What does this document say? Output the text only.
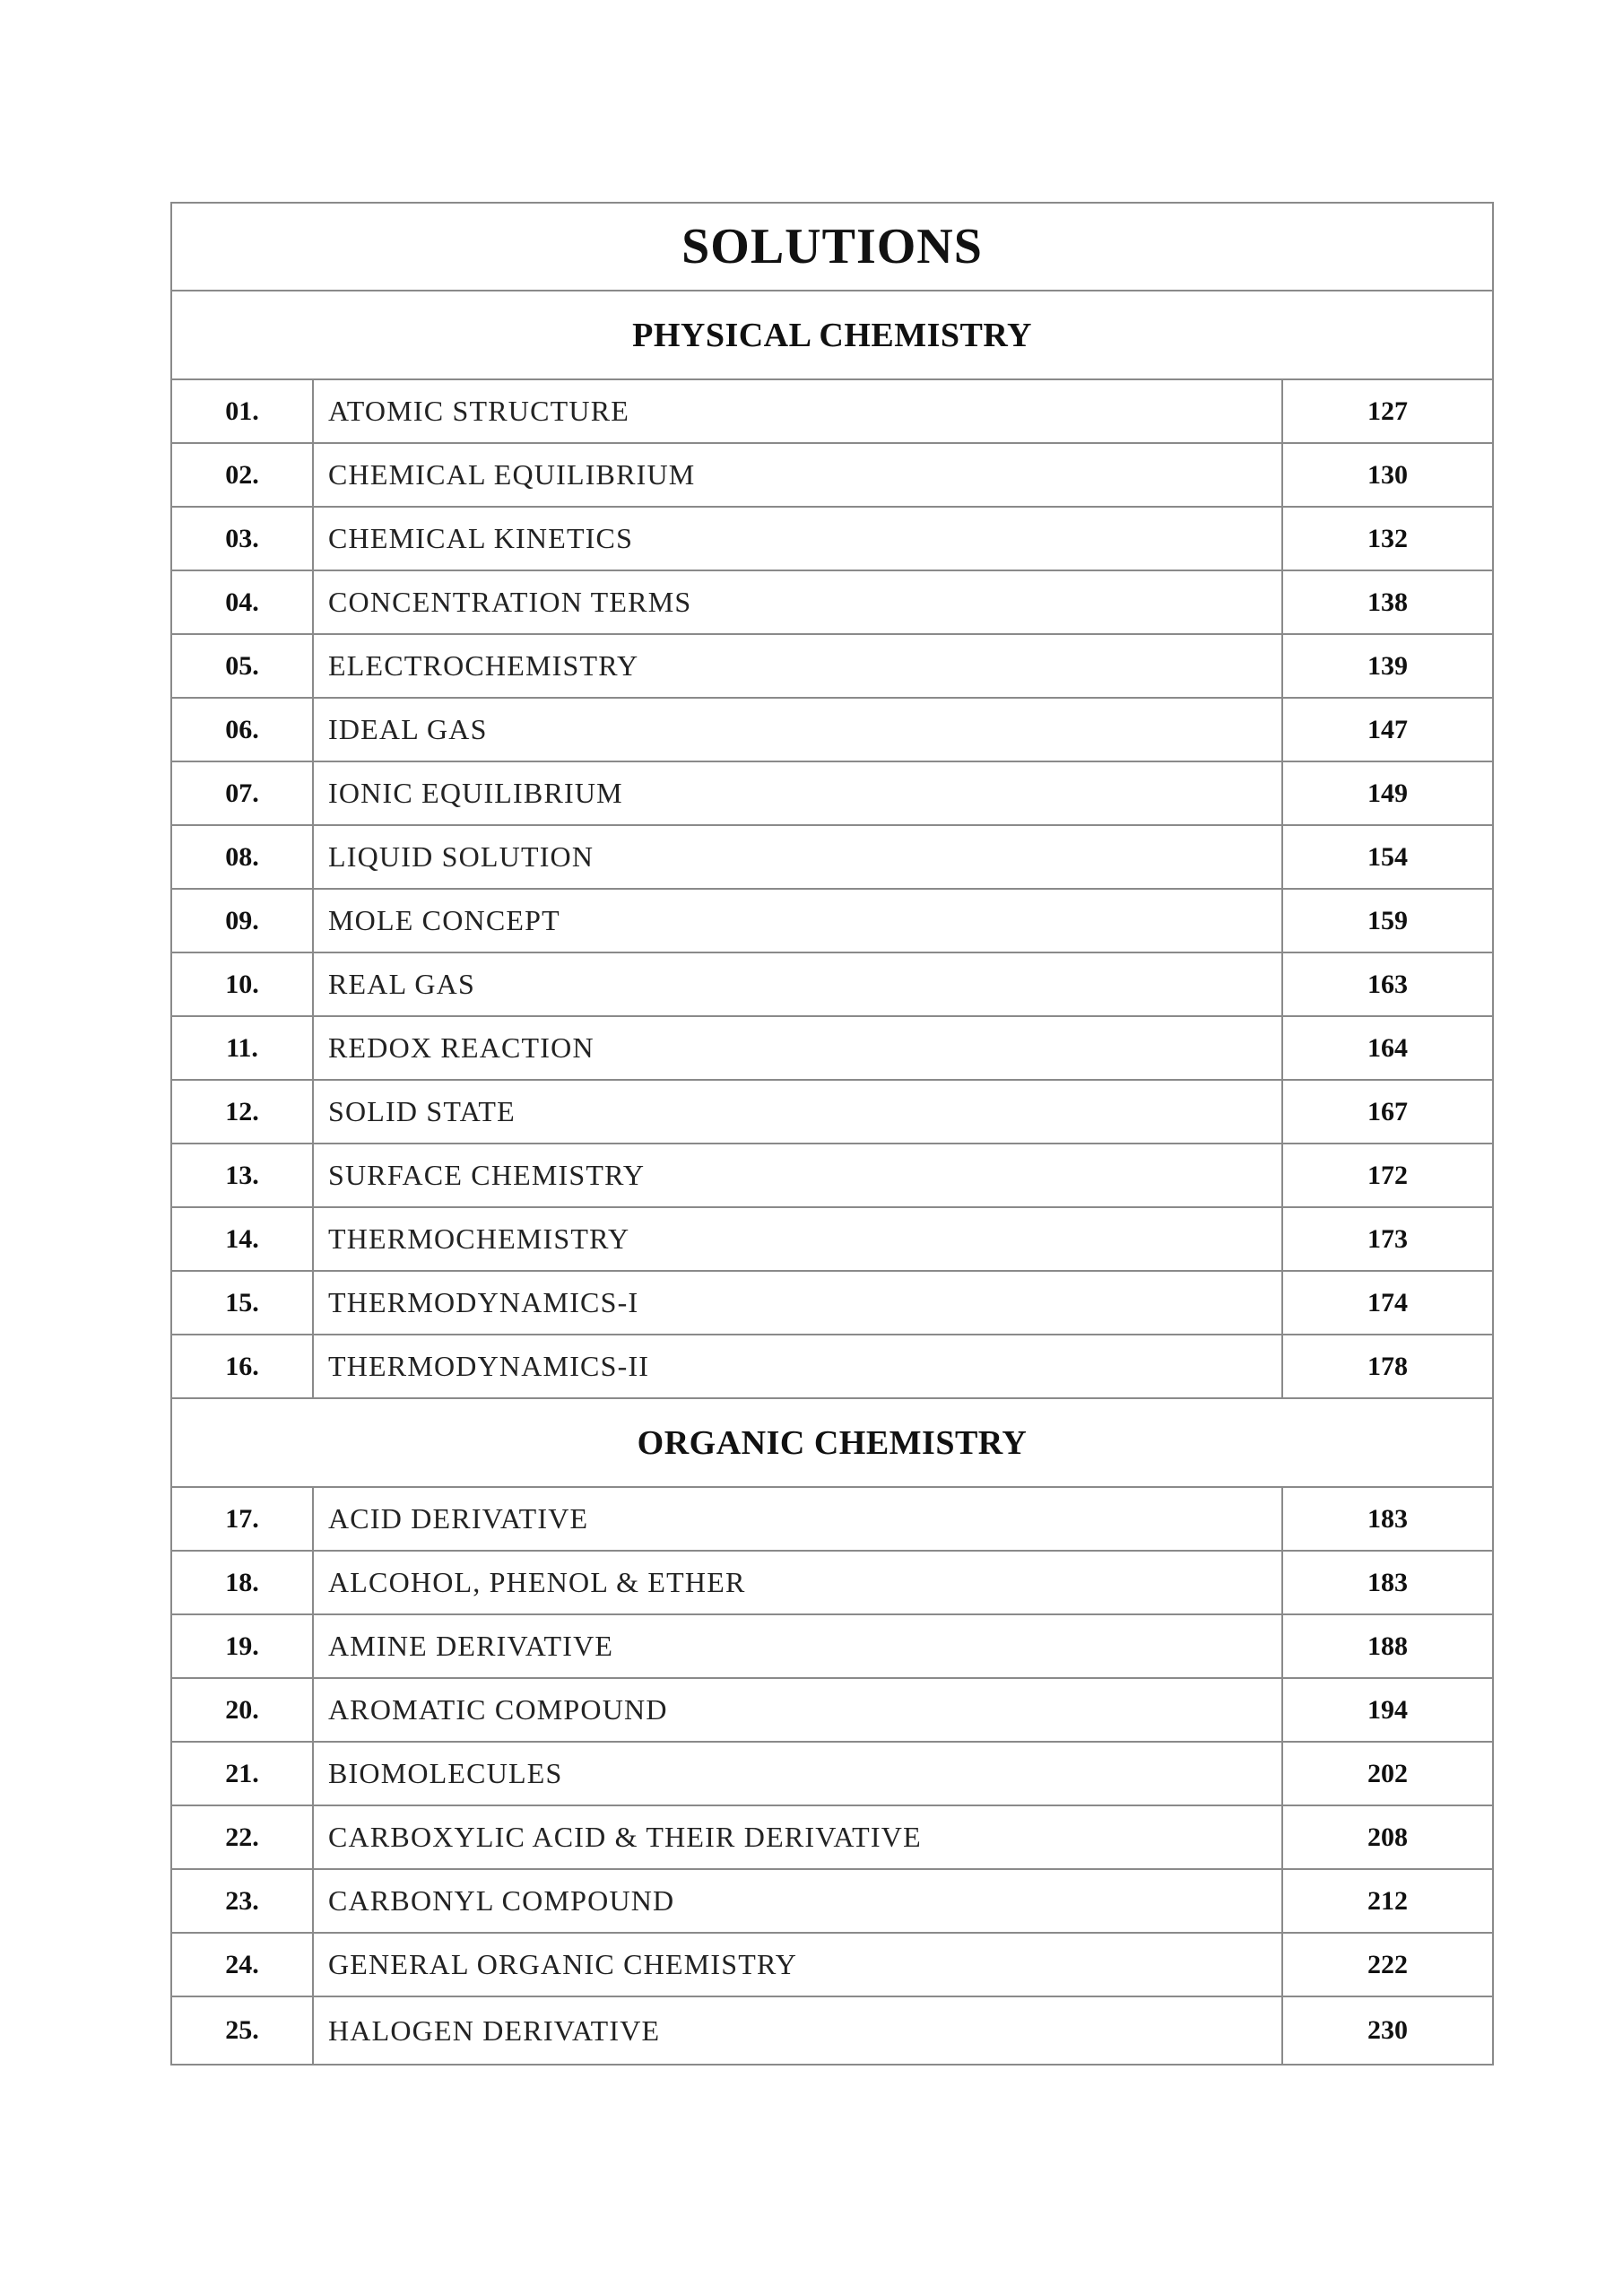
SOLUTIONS		
PHYSICAL CHEMISTRY		
01.	ATOMIC STRUCTURE	127
02.	CHEMICAL EQUILIBRIUM	130
03.	CHEMICAL KINETICS	132
04.	CONCENTRATION TERMS	138
05.	ELECTROCHEMISTRY	139
06.	IDEAL GAS	147
07.	IONIC EQUILIBRIUM	149
08.	LIQUID SOLUTION	154
09.	MOLE CONCEPT	159
10.	REAL GAS	163
11.	REDOX REACTION	164
12.	SOLID STATE	167
13.	SURFACE CHEMISTRY	172
14.	THERMOCHEMISTRY	173
15.	THERMODYNAMICS-I	174
16.	THERMODYNAMICS-II	178
ORGANIC CHEMISTRY		
17.	ACID DERIVATIVE	183
18.	ALCOHOL, PHENOL & ETHER	183
19.	AMINE DERIVATIVE	188
20.	AROMATIC COMPOUND	194
21.	BIOMOLECULES	202
22.	CARBOXYLIC ACID & THEIR DERIVATIVE	208
23.	CARBONYL COMPOUND	212
24.	GENERAL ORGANIC CHEMISTRY	222
25.	HALOGEN DERIVATIVE	230
